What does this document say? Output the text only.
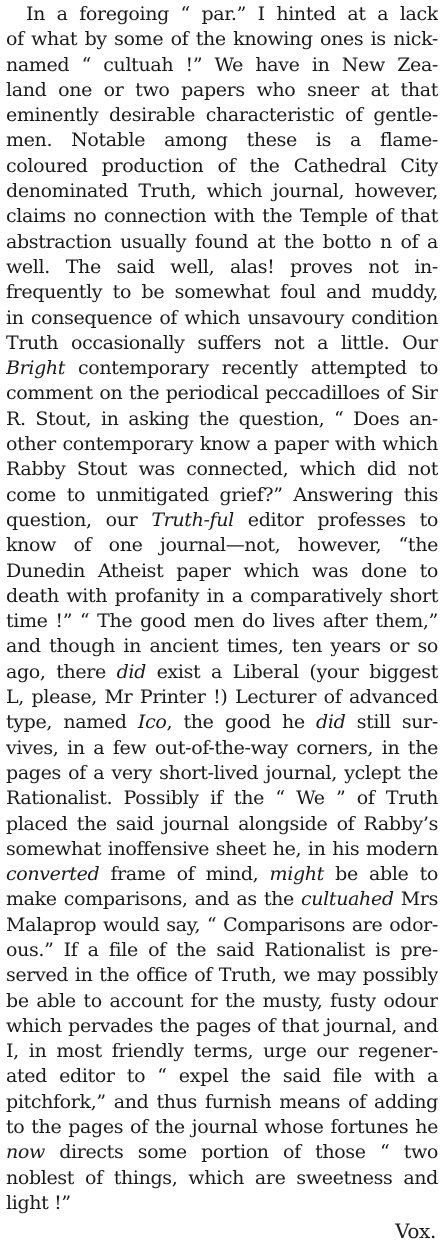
In a foregoing “ par.” I hinted at a lack
of what by some of the knowing ones is nick-
named “ cultuah !” We have in New Zea-
land one or two papers who sneer at that
eminently desirable characteristic of gentle-
men. Notable among these is a flame-
coloured production of the Cathedral City
denominated Truth, which journal, however,
claims no connection with the Temple of that
abstraction usually found at the botto n of a
well. The said well, alas! proves not in-
frequently to be somewhat foul and muddy,
in consequence of which unsavoury condition
Truth occasionally suffers not a little. Our
Bright contemporary recently attempted to
comment on the periodical peccadilloes of Sir
R. Stout, in asking the question, “ Does an-
other contemporary know a paper with which
Rabby Stout was connected, which did not
come to unmitigated grief?” Answering this
question, our Truth-ful editor professes to
know of one journal—not, however, “the
Dunedin Atheist paper which was done to
death with profanity in a comparatively short
time !” “ The good men do lives after them,”
and though in ancient times, ten years or so
ago, there did exist a Liberal (your biggest
L, please, Mr Printer !) Lecturer of advanced
type, named Ico, the good he did still sur-
vives, in a few out-of-the-way corners, in the
pages of a very short-lived journal, yclept the
Rationalist. Possibly if the “ We ” of Truth
placed the said journal alongside of Rabby’s
somewhat inoffensive sheet he, in his modern
converted frame of mind, might be able to
make comparisons, and as the cultuahed Mrs
Malaprop would say, “ Comparisons are odor-
ous.” If a file of the said Rationalist is pre-
served in the office of Truth, we may possibly
be able to account for the musty, fusty odour
which pervades the pages of that journal, and
I, in most friendly terms, urge our regener-
ated editor to “ expel the said file with a
pitchfork,” and thus furnish means of adding
to the pages of the journal whose fortunes he
now directs some portion of those “ two
noblest of things, which are sweetness and
light !”
Vox.
